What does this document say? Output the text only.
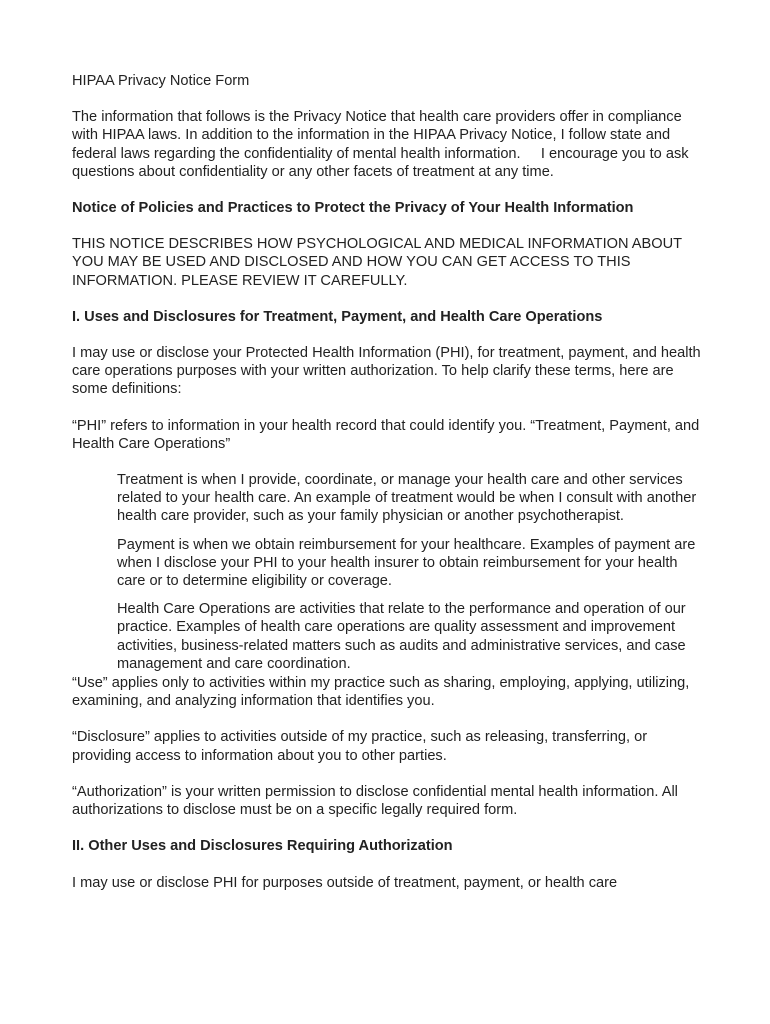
HIPAA Privacy Notice Form

The information that follows is the Privacy Notice that health care providers offer in compliance with HIPAA laws. In addition to the information in the HIPAA Privacy Notice, I follow state and federal laws regarding the confidentiality of mental health information.     I encourage you to ask questions about confidentiality or any other facets of treatment at any time.

Notice of Policies and Practices to Protect the Privacy of Your Health Information

THIS NOTICE DESCRIBES HOW PSYCHOLOGICAL AND MEDICAL INFORMATION ABOUT YOU MAY BE USED AND DISCLOSED AND HOW YOU CAN GET ACCESS TO THIS INFORMATION. PLEASE REVIEW IT CAREFULLY.

I. Uses and Disclosures for Treatment, Payment, and Health Care Operations

I may use or disclose your Protected Health Information (PHI), for treatment, payment, and health care operations purposes with your written authorization. To help clarify these terms, here are some definitions:

“PHI” refers to information in your health record that could identify you. “Treatment, Payment, and Health Care Operations”

Treatment is when I provide, coordinate, or manage your health care and other services related to your health care. An example of treatment would be when I consult with another health care provider, such as your family physician or another psychotherapist.

Payment is when we obtain reimbursement for your healthcare. Examples of payment are when I disclose your PHI to your health insurer to obtain reimbursement for your health care or to determine eligibility or coverage.

Health Care Operations are activities that relate to the performance and operation of our practice. Examples of health care operations are quality assessment and improvement activities, business-related matters such as audits and administrative services, and case management and care coordination.

“Use” applies only to activities within my practice such as sharing, employing, applying, utilizing, examining, and analyzing information that identifies you.

“Disclosure” applies to activities outside of my practice, such as releasing, transferring, or providing access to information about you to other parties.

“Authorization” is your written permission to disclose confidential mental health information. All authorizations to disclose must be on a specific legally required form.

II. Other Uses and Disclosures Requiring Authorization

I may use or disclose PHI for purposes outside of treatment, payment, or health care
